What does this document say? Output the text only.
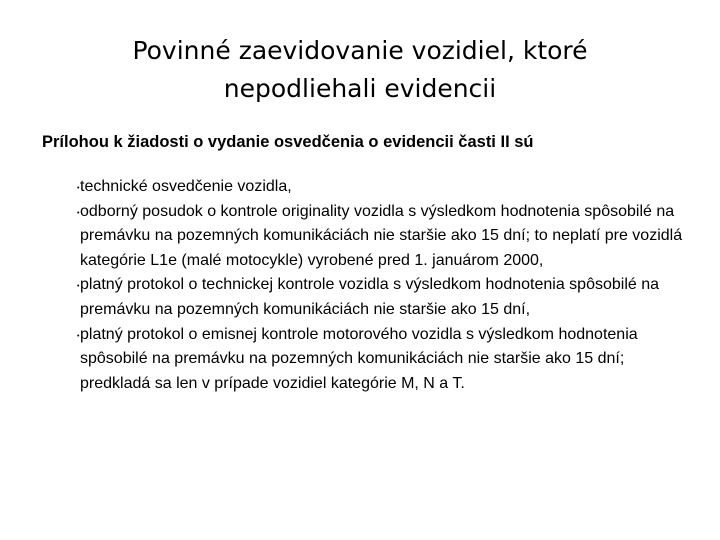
Povinné zaevidovanie vozidiel, ktoré
nepodliehali evidencii
Prílohou k žiadosti o vydanie osvedčenia o evidencii časti II sú
• technické osvedčenie vozidla,
• odborný posudok o kontrole originality vozidla s výsledkom hodnotenia spôsobilé na premávku na pozemných komunikáciách nie staršie ako 15 dní; to neplatí pre vozidlá kategórie L1e (malé motocykle) vyrobené pred 1. januárom 2000,
• platný protokol o technickej kontrole vozidla s výsledkom hodnotenia spôsobilé na premávku na pozemných komunikáciách nie staršie ako 15 dní,
• platný protokol o emisnej kontrole motorového vozidla s výsledkom hodnotenia spôsobilé na premávku na pozemných komunikáciách nie staršie ako 15 dní; predkladá sa len v prípade vozidiel kategórie M, N a T.
